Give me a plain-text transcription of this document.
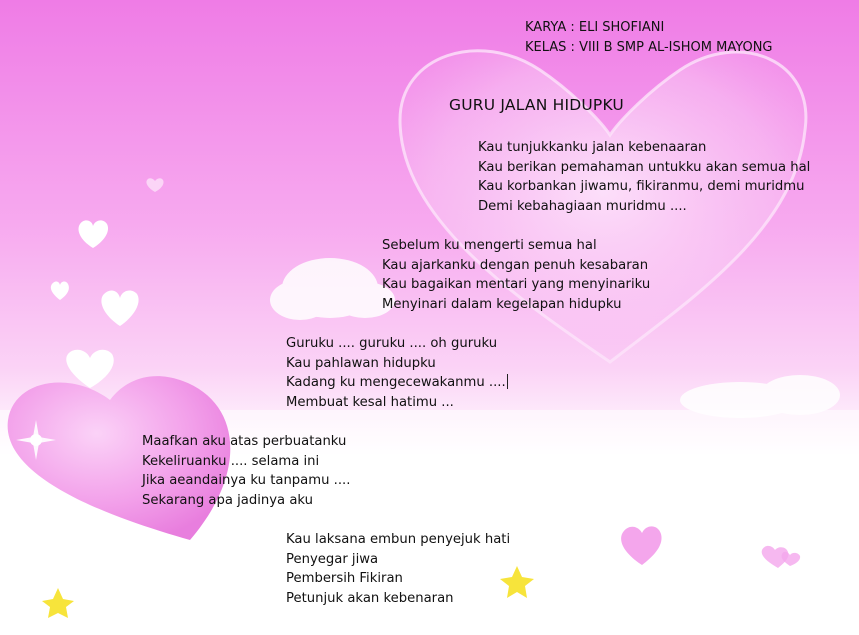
KARYA : ELI SHOFIANI
KELAS : VIII B SMP AL-ISHOM MAYONG
GURU JALAN HIDUPKU
Kau tunjukkanku jalan kebenaaran
Kau berikan pemahaman untukku akan semua hal
Kau korbankan jiwamu, fikiranmu, demi muridmu
Demi kebahagiaan muridmu ....
Sebelum ku mengerti semua hal
Kau ajarkanku dengan penuh kesabaran
Kau bagaikan mentari yang menyinariku
Menyinari dalam kegelapan hidupku
Guruku .... guruku .... oh guruku
Kau pahlawan hidupku
Kadang ku mengecewakanmu ....
Membuat kesal hatimu ...
Maafkan aku atas perbuatanku
Kekeliruanku .... selama ini
Jika aeandainya ku tanpamu ....
Sekarang apa jadinya aku
Kau laksana embun penyejuk hati
Penyegar jiwa
Pembersih Fikiran
Petunjuk akan kebenaran
